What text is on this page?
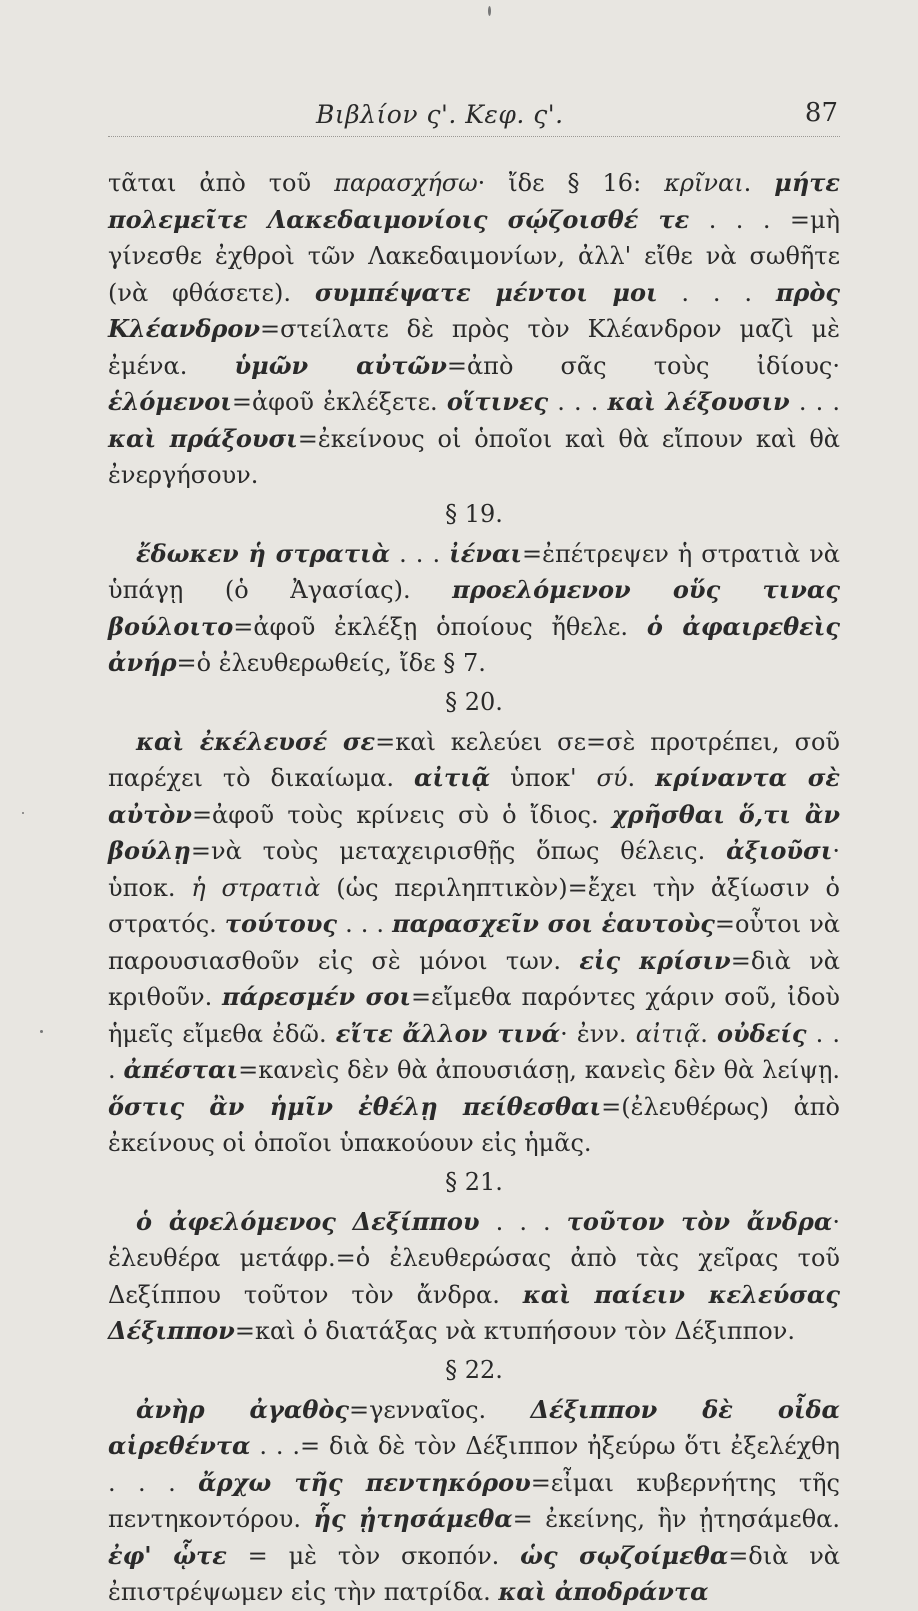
Βιβλίον ς'. Κεφ. ς'.	87

τᾶται ἀπὸ τοῦ παρασχήσω· ἴδε § 16: κρῖναι. μήτε πολεμεῖτε Λακεδαιμονίοις σῴζοισθέ τε . . . =μὴ γίνεσθε ἐχθροὶ τῶν Λακεδαιμονίων, ἀλλ' εἴθε νὰ σωθῆτε (νὰ φθάσετε). συμπέψατε μέντοι μοι . . . πρὸς Κλέανδρον=στείλατε δὲ πρὸς τὸν Κλέανδρον μαζὶ μὲ ἐμένα. ὑμῶν αὐτῶν=ἀπὸ σᾶς τοὺς ἰδίους· ἑλόμενοι=ἀφοῦ ἐκλέξετε. οἵτινες . . . καὶ λέξουσιν . . . καὶ πράξουσι=ἐκείνους οἱ ὁποῖοι καὶ θὰ εἴπουν καὶ θὰ ἐνεργήσουν.

§ 19.

ἔδωκεν ἡ στρατιὰ . . . ἰέναι=ἐπέτρεψεν ἡ στρατιὰ νὰ ὑπάγῃ (ὁ Ἀγασίας). προελόμενον οὕς τινας βούλοιτο=ἀφοῦ ἐκλέξῃ ὁποίους ἤθελε. ὁ ἀφαιρεθεὶς ἀνήρ=ὁ ἐλευθερωθείς, ἴδε § 7.

§ 20.

καὶ ἐκέλευσέ σε=καὶ κελεύει σε=σὲ προτρέπει, σοῦ παρέχει τὸ δικαίωμα. αἰτιᾷ ὑποκ' σύ. κρίναντα σὲ αὐτὸν=ἀφοῦ τοὺς κρίνεις σὺ ὁ ἴδιος. χρῆσθαι ὅ,τι ἂν βούλῃ=νὰ τοὺς μεταχειρισθῇς ὅπως θέλεις. ἀξιοῦσι· ὑποκ. ἡ στρατιὰ (ὡς περιληπτικὸν)=ἔχει τὴν ἀξίωσιν ὁ στρατός. τούτους . . . παρασχεῖν σοι ἑαυτοὺς=οὗτοι νὰ παρουσιασθοῦν εἰς σὲ μόνοι των. εἰς κρίσιν=διὰ νὰ κριθοῦν. πάρεσμέν σοι=εἴμεθα παρόντες χάριν σοῦ, ἰδοὺ ἡμεῖς εἴμεθα ἐδῶ. εἴτε ἄλλον τινά· ἐνν. αἰτιᾷ. οὐδείς . . . ἀπέσται=κανεὶς δὲν θὰ ἀπουσιάσῃ, κανεὶς δὲν θὰ λείψῃ. ὅστις ἂν ἡμῖν ἐθέλῃ πείθεσθαι=(ἐλευθέρως) ἀπὸ ἐκείνους οἱ ὁποῖοι ὑπακούουν εἰς ἡμᾶς.

§ 21.

ὁ ἀφελόμενος Δεξίππου . . . τοῦτον τὸν ἄνδρα· ἐλευθέρα μετάφρ.=ὁ ἐλευθερώσας ἀπὸ τὰς χεῖρας τοῦ Δεξίππου τοῦτον τὸν ἄνδρα. καὶ παίειν κελεύσας Δέξιππον=καὶ ὁ διατάξας νὰ κτυπήσουν τὸν Δέξιππον.

§ 22.

ἀνὴρ ἀγαθὸς=γενναῖος. Δέξιππον δὲ οἶδα αἱρεθέντα . . .= διὰ δὲ τὸν Δέξιππον ἠξεύρω ὅτι ἐξελέχθη . . . ἄρχω τῆς πεντηκόρου=εἶμαι κυβερνήτης τῆς πεντηκοντόρου. ἧς ᾐτησάμεθα= ἐκείνης, ἣν ᾐτησάμεθα. ἐφ' ᾧτε = μὲ τὸν σκοπόν. ὡς σῳζοίμεθα=διὰ νὰ ἐπιστρέψωμεν εἰς τὴν πατρίδα. καὶ ἀποδράντα
